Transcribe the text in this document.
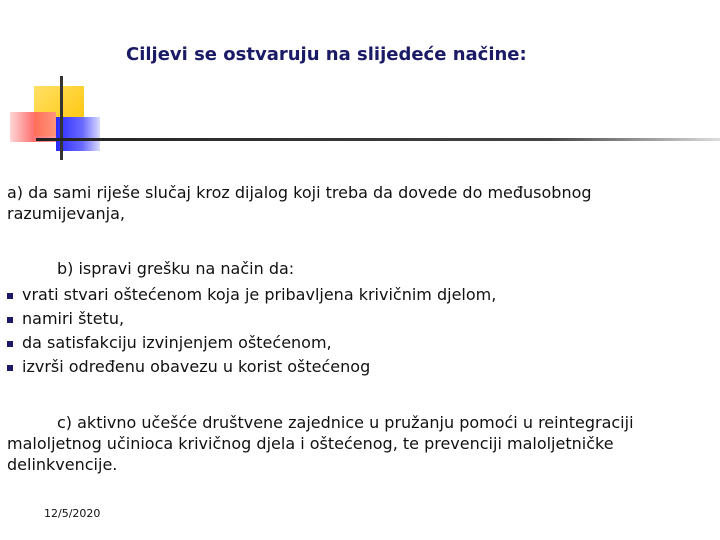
Ciljevi se ostvaruju na slijedeće načine:
a) da sami riješe slučaj kroz dijalog koji treba da dovede do međusobnog razumijevanja,
b) ispravi grešku na način da:
vrati stvari oštećenom koja je pribavljena krivičnim djelom,
namiri štetu,
da satisfakciju izvinjenjem oštećenom,
izvrši određenu obavezu u korist oštećenog
c) aktivno učešće društvene zajednice u pružanju pomoći u reintegraciji maloljetnog učinioca krivičnog djela i oštećenog, te prevenciji maloljetničke delinkvencije.
12/5/2020
